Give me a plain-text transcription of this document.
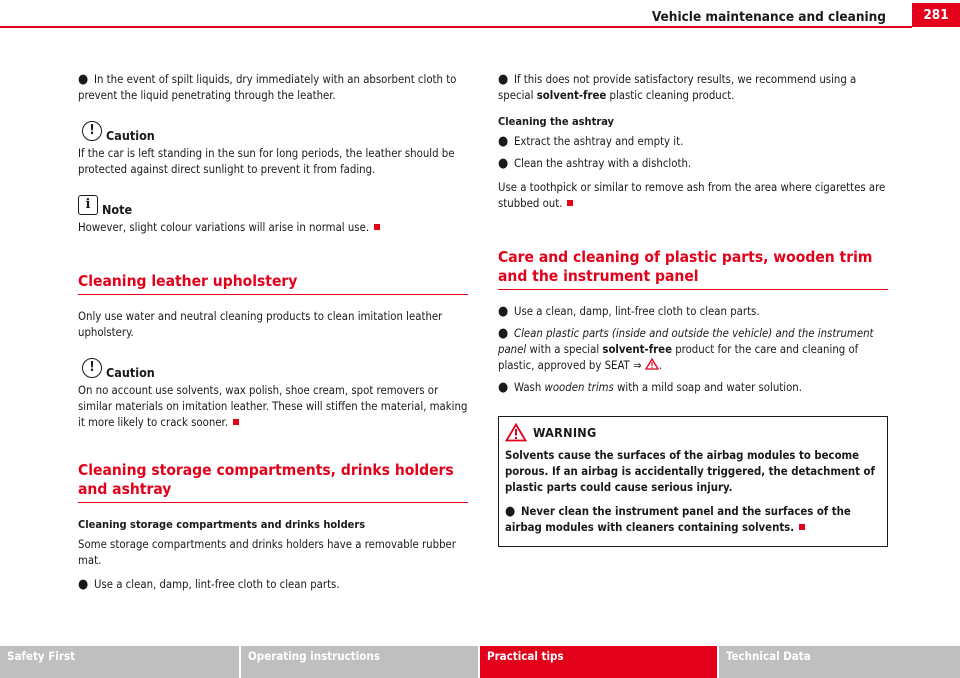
Vehicle maintenance and cleaning	281
● In the event of spilt liquids, dry immediately with an absorbent cloth to prevent the liquid penetrating through the leather.
! Caution

If the car is left standing in the sun for long periods, the leather should be protected against direct sunlight to prevent it from fading.

i Note

However, slight colour variations will arise in normal use.

Cleaning leather upholstery

Only use water and neutral cleaning products to clean imitation leather upholstery.

! Caution

On no account use solvents, wax polish, shoe cream, spot removers or similar materials on imitation leather. These will stiffen the material, making it more likely to crack sooner.

Cleaning storage compartments, drinks holders and ashtray
Cleaning storage compartments and drinks holders

Some storage compartments and drinks holders have a removable rubber mat.

● Use a clean, damp, lint-free cloth to clean parts.
● If this does not provide satisfactory results, we recommend using a special solvent-free plastic cleaning product.
Cleaning the ashtray
● Extract the ashtray and empty it.
● Clean the ashtray with a dishcloth.

Use a toothpick or similar to remove ash from the area where cigarettes are stubbed out.

Care and cleaning of plastic parts, wooden trim and the instrument panel
● Use a clean, damp, lint-free cloth to clean parts.
● Clean plastic parts (inside and outside the vehicle) and the instrument panel with a special solvent-free product for the care and cleaning of plastic, approved by SEAT ⇒ .
● Wash wooden trims with a mild soap and water solution.
WARNING

Solvents cause the surfaces of the airbag modules to become porous. If an airbag is accidentally triggered, the detachment of plastic parts could cause serious injury.

● Never clean the instrument panel and the surfaces of the airbag modules with cleaners containing solvents.
Safety First	Operating instructions	Practical tips	Technical Data
